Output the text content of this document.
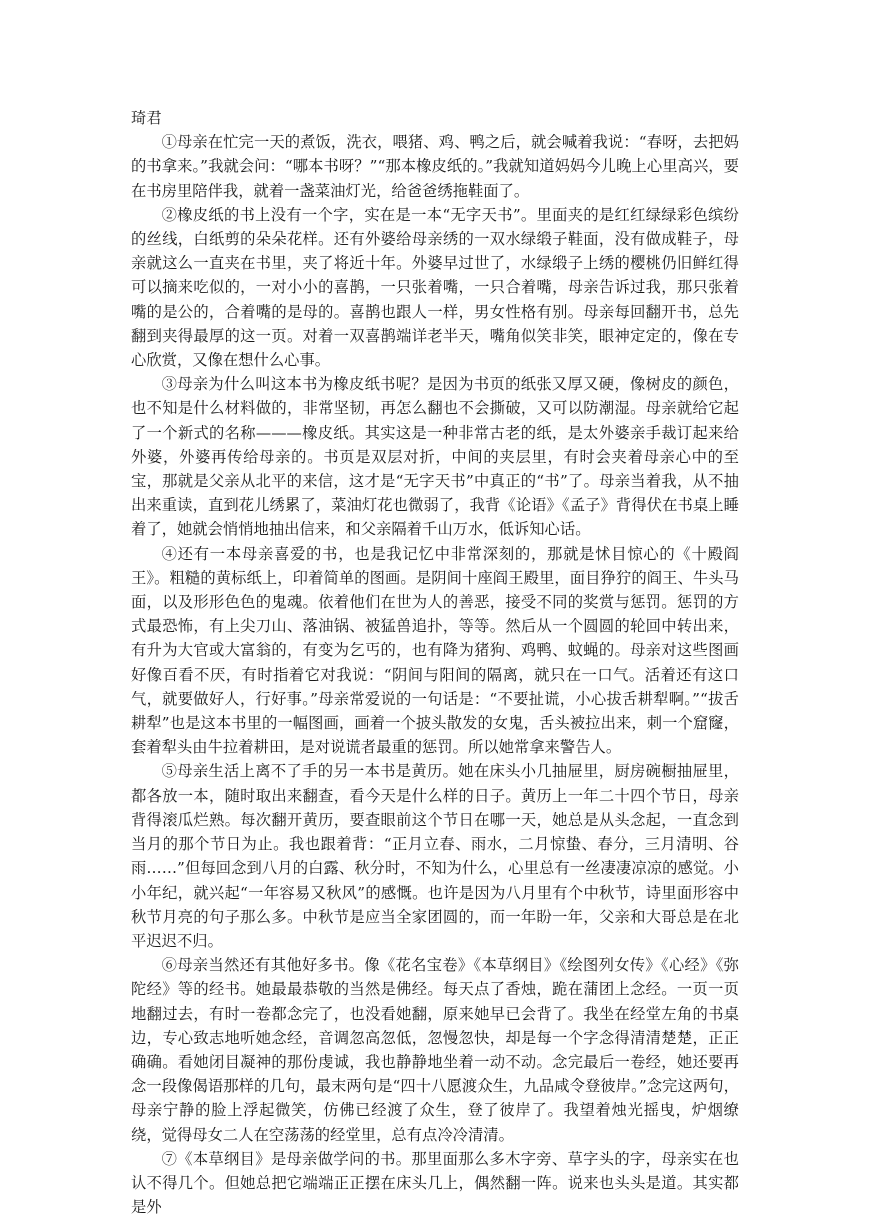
琦君

①母亲在忙完一天的煮饭，洗衣，喂猪、鸡、鸭之后，就会喊着我说：“春呀，去把妈的书拿来。”我就会问：“哪本书呀？”“那本橡皮纸的。”我就知道妈妈今儿晚上心里高兴，要在书房里陪伴我，就着一盏菜油灯光，给爸爸绣拖鞋面了。

②橡皮纸的书上没有一个字，实在是一本“无字天书”。里面夹的是红红绿绿彩色缤纷的丝线，白纸剪的朵朵花样。还有外婆给母亲绣的一双水绿缎子鞋面，没有做成鞋子，母亲就这么一直夹在书里，夹了将近十年。外婆早过世了，水绿缎子上绣的樱桃仍旧鲜红得可以摘来吃似的，一对小小的喜鹊，一只张着嘴，一只合着嘴，母亲告诉过我，那只张着嘴的是公的，合着嘴的是母的。喜鹊也跟人一样，男女性格有别。母亲每回翻开书，总先翻到夹得最厚的这一页。对着一双喜鹊端详老半天，嘴角似笑非笑，眼神定定的，像在专心欣赏，又像在想什么心事。

③母亲为什么叫这本书为橡皮纸书呢？是因为书页的纸张又厚又硬，像树皮的颜色，也不知是什么材料做的，非常坚韧，再怎么翻也不会撕破，又可以防潮湿。母亲就给它起了一个新式的名称———橡皮纸。其实这是一种非常古老的纸，是太外婆亲手裁订起来给外婆，外婆再传给母亲的。书页是双层对折，中间的夹层里，有时会夹着母亲心中的至宝，那就是父亲从北平的来信，这才是“无字天书”中真正的“书”了。母亲当着我，从不抽出来重读，直到花儿绣累了，菜油灯花也微弱了，我背《论语》《孟子》背得伏在书桌上睡着了，她就会悄悄地抽出信来，和父亲隔着千山万水，低诉知心话。

④还有一本母亲喜爱的书，也是我记忆中非常深刻的，那就是怵目惊心的《十殿阎王》。粗糙的黄标纸上，印着简单的图画。是阴间十座阎王殿里，面目狰狞的阎王、牛头马面，以及形形色色的鬼魂。依着他们在世为人的善恶，接受不同的奖赏与惩罚。惩罚的方式最恐怖，有上尖刀山、落油锅、被猛兽追扑，等等。然后从一个圆圆的轮回中转出来，有升为大官或大富翁的，有变为乞丐的，也有降为猪狗、鸡鸭、蚊蝇的。母亲对这些图画好像百看不厌，有时指着它对我说：“阴间与阳间的隔离，就只在一口气。活着还有这口气，就要做好人，行好事。”母亲常爱说的一句话是：“不要扯谎，小心拔舌耕犁啊。”“拔舌耕犁”也是这本书里的一幅图画，画着一个披头散发的女鬼，舌头被拉出来，刺一个窟窿，套着犁头由牛拉着耕田，是对说谎者最重的惩罚。所以她常拿来警告人。

⑤母亲生活上离不了手的另一本书是黄历。她在床头小几抽屉里，厨房碗橱抽屉里，都各放一本，随时取出来翻查，看今天是什么样的日子。黄历上一年二十四个节日，母亲背得滚瓜烂熟。每次翻开黄历，要查眼前这个节日在哪一天，她总是从头念起，一直念到当月的那个节日为止。我也跟着背：“正月立春、雨水，二月惊蛰、春分，三月清明、谷雨……”但每回念到八月的白露、秋分时，不知为什么，心里总有一丝凄凄凉凉的感觉。小小年纪，就兴起“一年容易又秋风”的感慨。也许是因为八月里有个中秋节，诗里面形容中秋节月亮的句子那么多。中秋节是应当全家团圆的，而一年盼一年，父亲和大哥总是在北平迟迟不归。

⑥母亲当然还有其他好多书。像《花名宝卷》《本草纲目》《绘图列女传》《心经》《弥陀经》等的经书。她最最恭敬的当然是佛经。每天点了香烛，跪在蒲团上念经。一页一页地翻过去，有时一卷都念完了，也没看她翻，原来她早已会背了。我坐在经堂左角的书桌边，专心致志地听她念经，音调忽高忽低，忽慢忽快，却是每一个字念得清清楚楚，正正确确。看她闭目凝神的那份虔诚，我也静静地坐着一动不动。念完最后一卷经，她还要再念一段像偈语那样的几句，最末两句是“四十八愿渡众生，九品咸令登彼岸。”念完这两句，母亲宁静的脸上浮起微笑，仿佛已经渡了众生，登了彼岸了。我望着烛光摇曳，炉烟缭绕，觉得母女二人在空荡荡的经堂里，总有点冷冷清清。

⑦《本草纲目》是母亲做学问的书。那里面那么多木字旁、草字头的字，母亲实在也认不得几个。但她总把它端端正正摆在床头几上，偶然翻一阵。说来也头头是道。其实都是外
